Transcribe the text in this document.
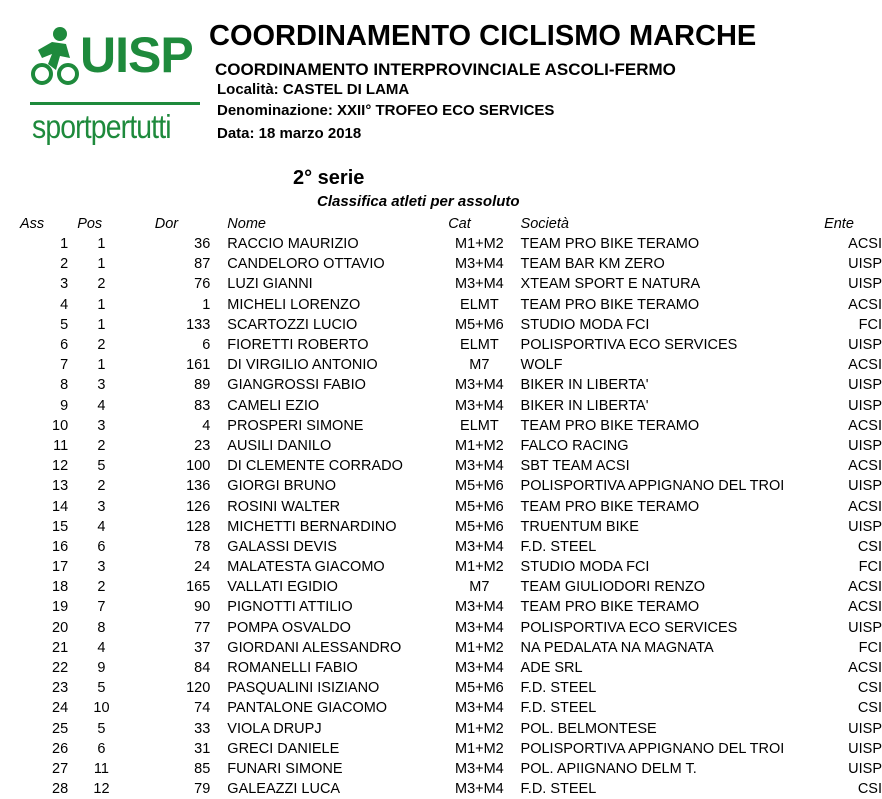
UISP
sportpertutti
COORDINAMENTO CICLISMO MARCHE
COORDINAMENTO INTERPROVINCIALE ASCOLI-FERMO
Località: CASTEL DI LAMA
Denominazione: XXII° TROFEO ECO SERVICES
Data: 18 marzo 2018
2° serie
Classifica atleti per assoluto
Ass	Pos	Dor	Nome	Cat	Società	Ente
1	1	36	RACCIO MAURIZIO	M1+M2	TEAM PRO BIKE TERAMO	ACSI
2	1	87	CANDELORO OTTAVIO	M3+M4	TEAM BAR KM ZERO	UISP
3	2	76	LUZI GIANNI	M3+M4	XTEAM SPORT E NATURA	UISP
4	1	1	MICHELI LORENZO	ELMT	TEAM PRO BIKE TERAMO	ACSI
5	1	133	SCARTOZZI LUCIO	M5+M6	STUDIO MODA FCI	FCI
6	2	6	FIORETTI ROBERTO	ELMT	POLISPORTIVA ECO SERVICES	UISP
7	1	161	DI VIRGILIO ANTONIO	M7	WOLF	ACSI
8	3	89	GIANGROSSI FABIO	M3+M4	BIKER IN LIBERTA'	UISP
9	4	83	CAMELI EZIO	M3+M4	BIKER IN LIBERTA'	UISP
10	3	4	PROSPERI SIMONE	ELMT	TEAM PRO BIKE TERAMO	ACSI
11	2	23	AUSILI DANILO	M1+M2	FALCO RACING	UISP
12	5	100	DI CLEMENTE CORRADO	M3+M4	SBT TEAM ACSI	ACSI
13	2	136	GIORGI BRUNO	M5+M6	POLISPORTIVA APPIGNANO DEL TROI	UISP
14	3	126	ROSINI WALTER	M5+M6	TEAM PRO BIKE TERAMO	ACSI
15	4	128	MICHETTI BERNARDINO	M5+M6	TRUENTUM BIKE	UISP
16	6	78	GALASSI DEVIS	M3+M4	F.D. STEEL	CSI
17	3	24	MALATESTA GIACOMO	M1+M2	STUDIO MODA FCI	FCI
18	2	165	VALLATI EGIDIO	M7	TEAM GIULIODORI RENZO	ACSI
19	7	90	PIGNOTTI ATTILIO	M3+M4	TEAM PRO BIKE TERAMO	ACSI
20	8	77	POMPA OSVALDO	M3+M4	POLISPORTIVA ECO SERVICES	UISP
21	4	37	GIORDANI ALESSANDRO	M1+M2	NA PEDALATA NA MAGNATA	FCI
22	9	84	ROMANELLI FABIO	M3+M4	ADE SRL	ACSI
23	5	120	PASQUALINI ISIZIANO	M5+M6	F.D. STEEL	CSI
24	10	74	PANTALONE GIACOMO	M3+M4	F.D. STEEL	CSI
25	5	33	VIOLA DRUPJ	M1+M2	POL. BELMONTESE	UISP
26	6	31	GRECI DANIELE	M1+M2	POLISPORTIVA APPIGNANO DEL TROI	UISP
27	11	85	FUNARI SIMONE	M3+M4	POL. APIIGNANO DELM T.	UISP
28	12	79	GALEAZZI LUCA	M3+M4	F.D. STEEL	CSI
